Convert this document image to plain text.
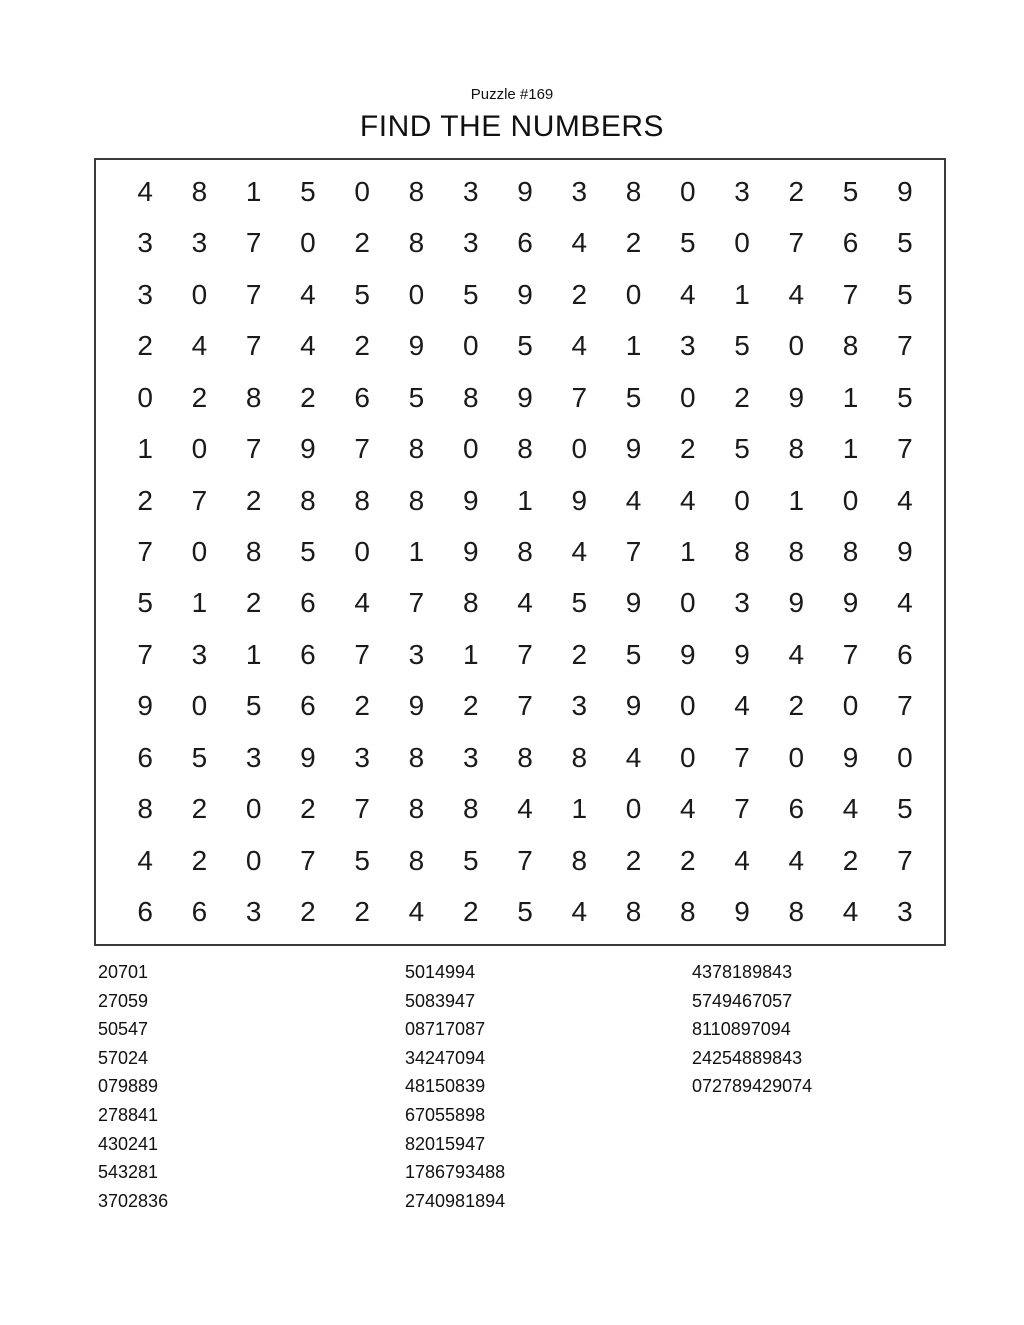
Puzzle #169
FIND THE NUMBERS
4	8	1	5	0	8	3	9	3	8	0	3	2	5	9
3	3	7	0	2	8	3	6	4	2	5	0	7	6	5
3	0	7	4	5	0	5	9	2	0	4	1	4	7	5
2	4	7	4	2	9	0	5	4	1	3	5	0	8	7
0	2	8	2	6	5	8	9	7	5	0	2	9	1	5
1	0	7	9	7	8	0	8	0	9	2	5	8	1	7
2	7	2	8	8	8	9	1	9	4	4	0	1	0	4
7	0	8	5	0	1	9	8	4	7	1	8	8	8	9
5	1	2	6	4	7	8	4	5	9	0	3	9	9	4
7	3	1	6	7	3	1	7	2	5	9	9	4	7	6
9	0	5	6	2	9	2	7	3	9	0	4	2	0	7
6	5	3	9	3	8	3	8	8	4	0	7	0	9	0
8	2	0	2	7	8	8	4	1	0	4	7	6	4	5
4	2	0	7	5	8	5	7	8	2	2	4	4	2	7
6	6	3	2	2	4	2	5	4	8	8	9	8	4	3
20701
27059
50547
57024
079889
278841
430241
543281
3702836
5014994
5083947
08717087
34247094
48150839
67055898
82015947
1786793488
2740981894
4378189843
5749467057
8110897094
24254889843
072789429074
